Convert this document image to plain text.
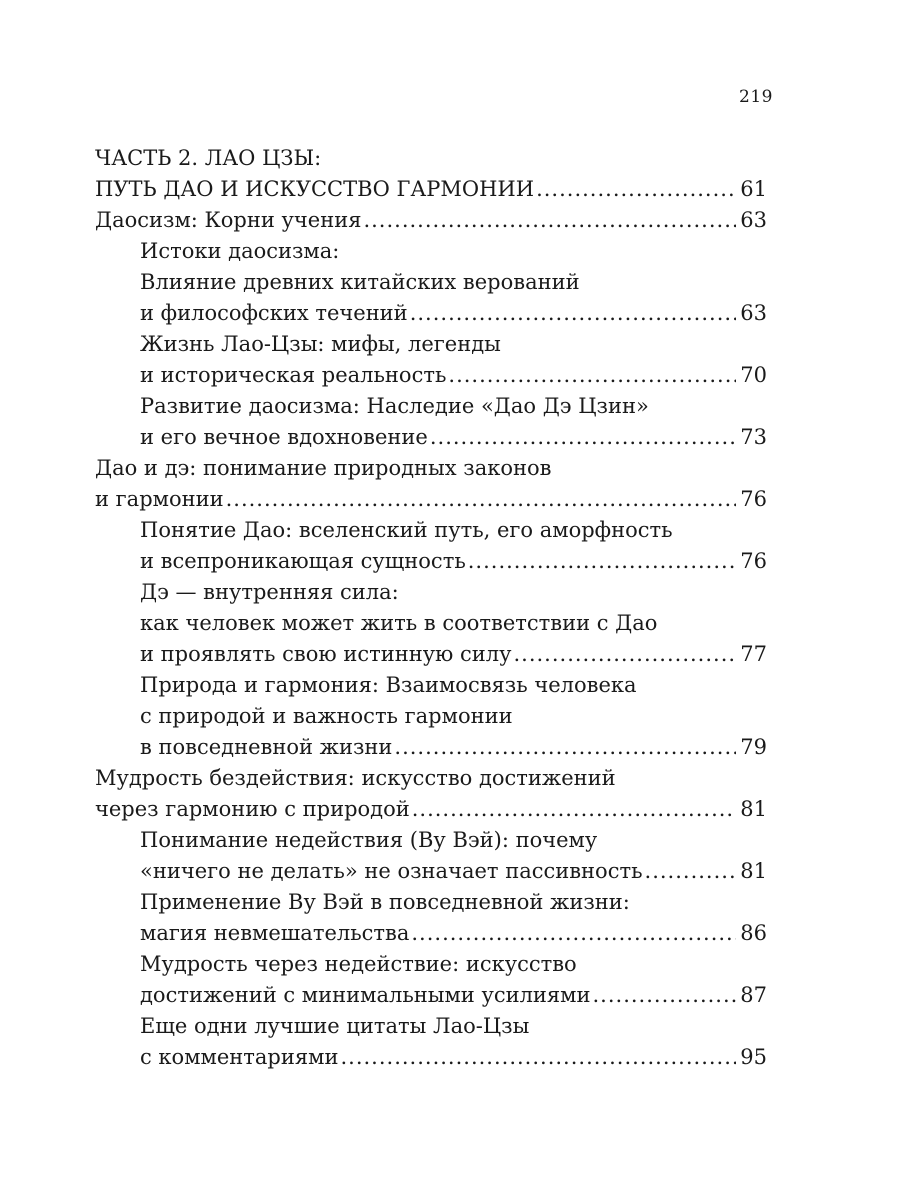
219
ЧАСТЬ 2. ЛАО ЦЗЫ:
ПУТЬ ДАО И ИСКУССТВО ГАРМОНИИ .....	61
Даосизм: Корни учения .....	63
Истоки даосизма:
Влияние древних китайских верований
и философских течений .....	63
Жизнь Лао-Цзы: мифы, легенды
и историческая реальность .....	70
Развитие даосизма: Наследие «Дао Дэ Цзин»
и его вечное вдохновение .....	73
Дао и дэ: понимание природных законов
и гармонии .....	76
Понятие Дао: вселенский путь, его аморфность
и всепроникающая сущность .....	76
Дэ — внутренняя сила:
как человек может жить в соответствии с Дао
и проявлять свою истинную силу .....	77
Природа и гармония: Взаимосвязь человека
с природой и важность гармонии
в повседневной жизни .....	79
Мудрость бездействия: искусство достижений
через гармонию с природой .....	81
Понимание недействия (Ву Вэй): почему
«ничего не делать» не означает пассивность .....	81
Применение Ву Вэй в повседневной жизни:
магия невмешательства .....	86
Мудрость через недействие: искусство
достижений с минимальными усилиями .....	87
Еще одни лучшие цитаты Лао-Цзы
с комментариями .....	95
